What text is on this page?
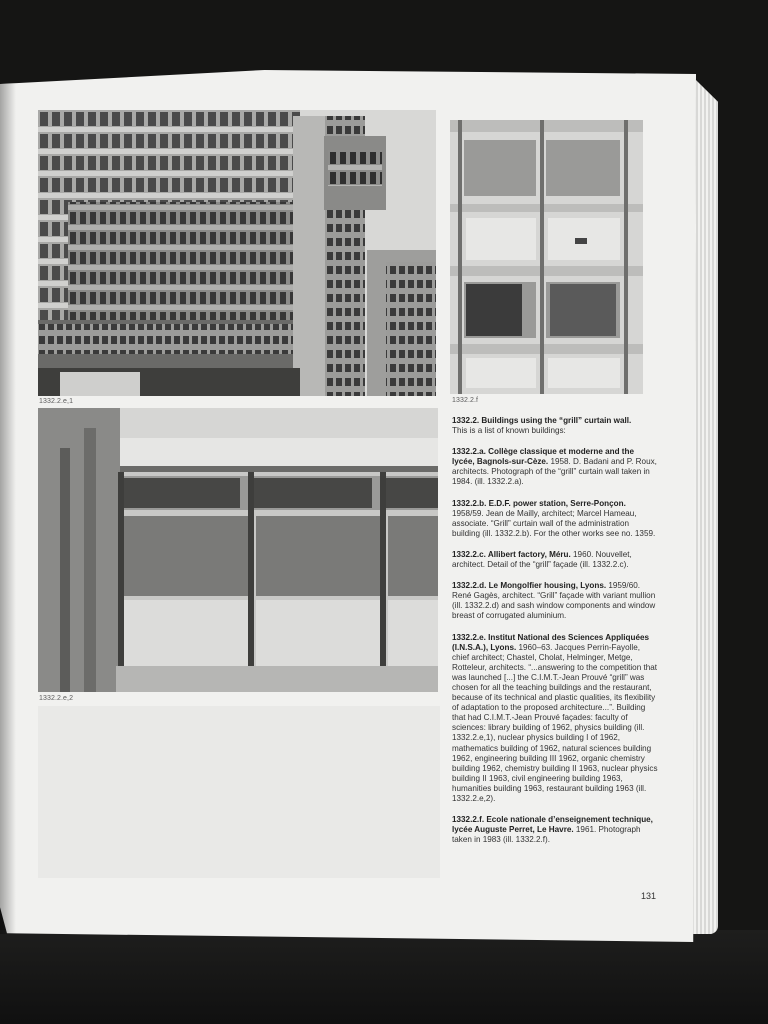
1332.2.e,1	1332.2.f
1332.2.e,2

1332.2. Buildings using the “grill” curtain wall.
This is a list of known buildings:

1332.2.a. Collège classique et moderne and the lycée, Bagnols-sur-Cèze. 1958. D. Badani and P. Roux, architects. Photograph of the “grill” curtain wall taken in 1984. (ill. 1332.2.a).

1332.2.b. E.D.F. power station, Serre-Ponçon. 1958/59. Jean de Mailly, architect; Marcel Hameau, associate. “Grill” curtain wall of the administration building (ill. 1332.2.b). For the other works see no. 1359.

1332.2.c. Allibert factory, Méru. 1960. Nouvellet, architect. Detail of the “grill” façade (ill. 1332.2.c).

1332.2.d. Le Mongolfier housing, Lyons. 1959/60. René Gagès, architect. “Grill” façade with variant mullion (ill. 1332.2.d) and sash window components and window breast of corrugated aluminium.

1332.2.e. Institut National des Sciences Appliquées (I.N.S.A.), Lyons. 1960–63. Jacques Perrin-Fayolle, chief architect; Chastel, Cholat, Helminger, Metge, Rotteleur, architects. “...answering to the competition that was launched [...] the C.I.M.T.-Jean Prouvé “grill” was chosen for all the teaching buildings and the restaurant, because of its technical and plastic qualities, its flexibility of adaptation to the proposed architecture...”. Building that had C.I.M.T.-Jean Prouvé façades: faculty of sciences: library building of 1962, physics building (ill. 1332.2.e,1), nuclear physics building I of 1962, mathematics building of 1962, natural sciences building 1962, engineering building III 1962, organic chemistry building 1962, chemistry building II 1963, nuclear physics building II 1963, civil engineering building 1963, humanities building 1963, restaurant building 1963 (ill. 1332.2.e,2).

1332.2.f. Ecole nationale d’enseignement technique, lycée Auguste Perret, Le Havre. 1961. Photograph taken in 1983 (ill. 1332.2.f).

131
